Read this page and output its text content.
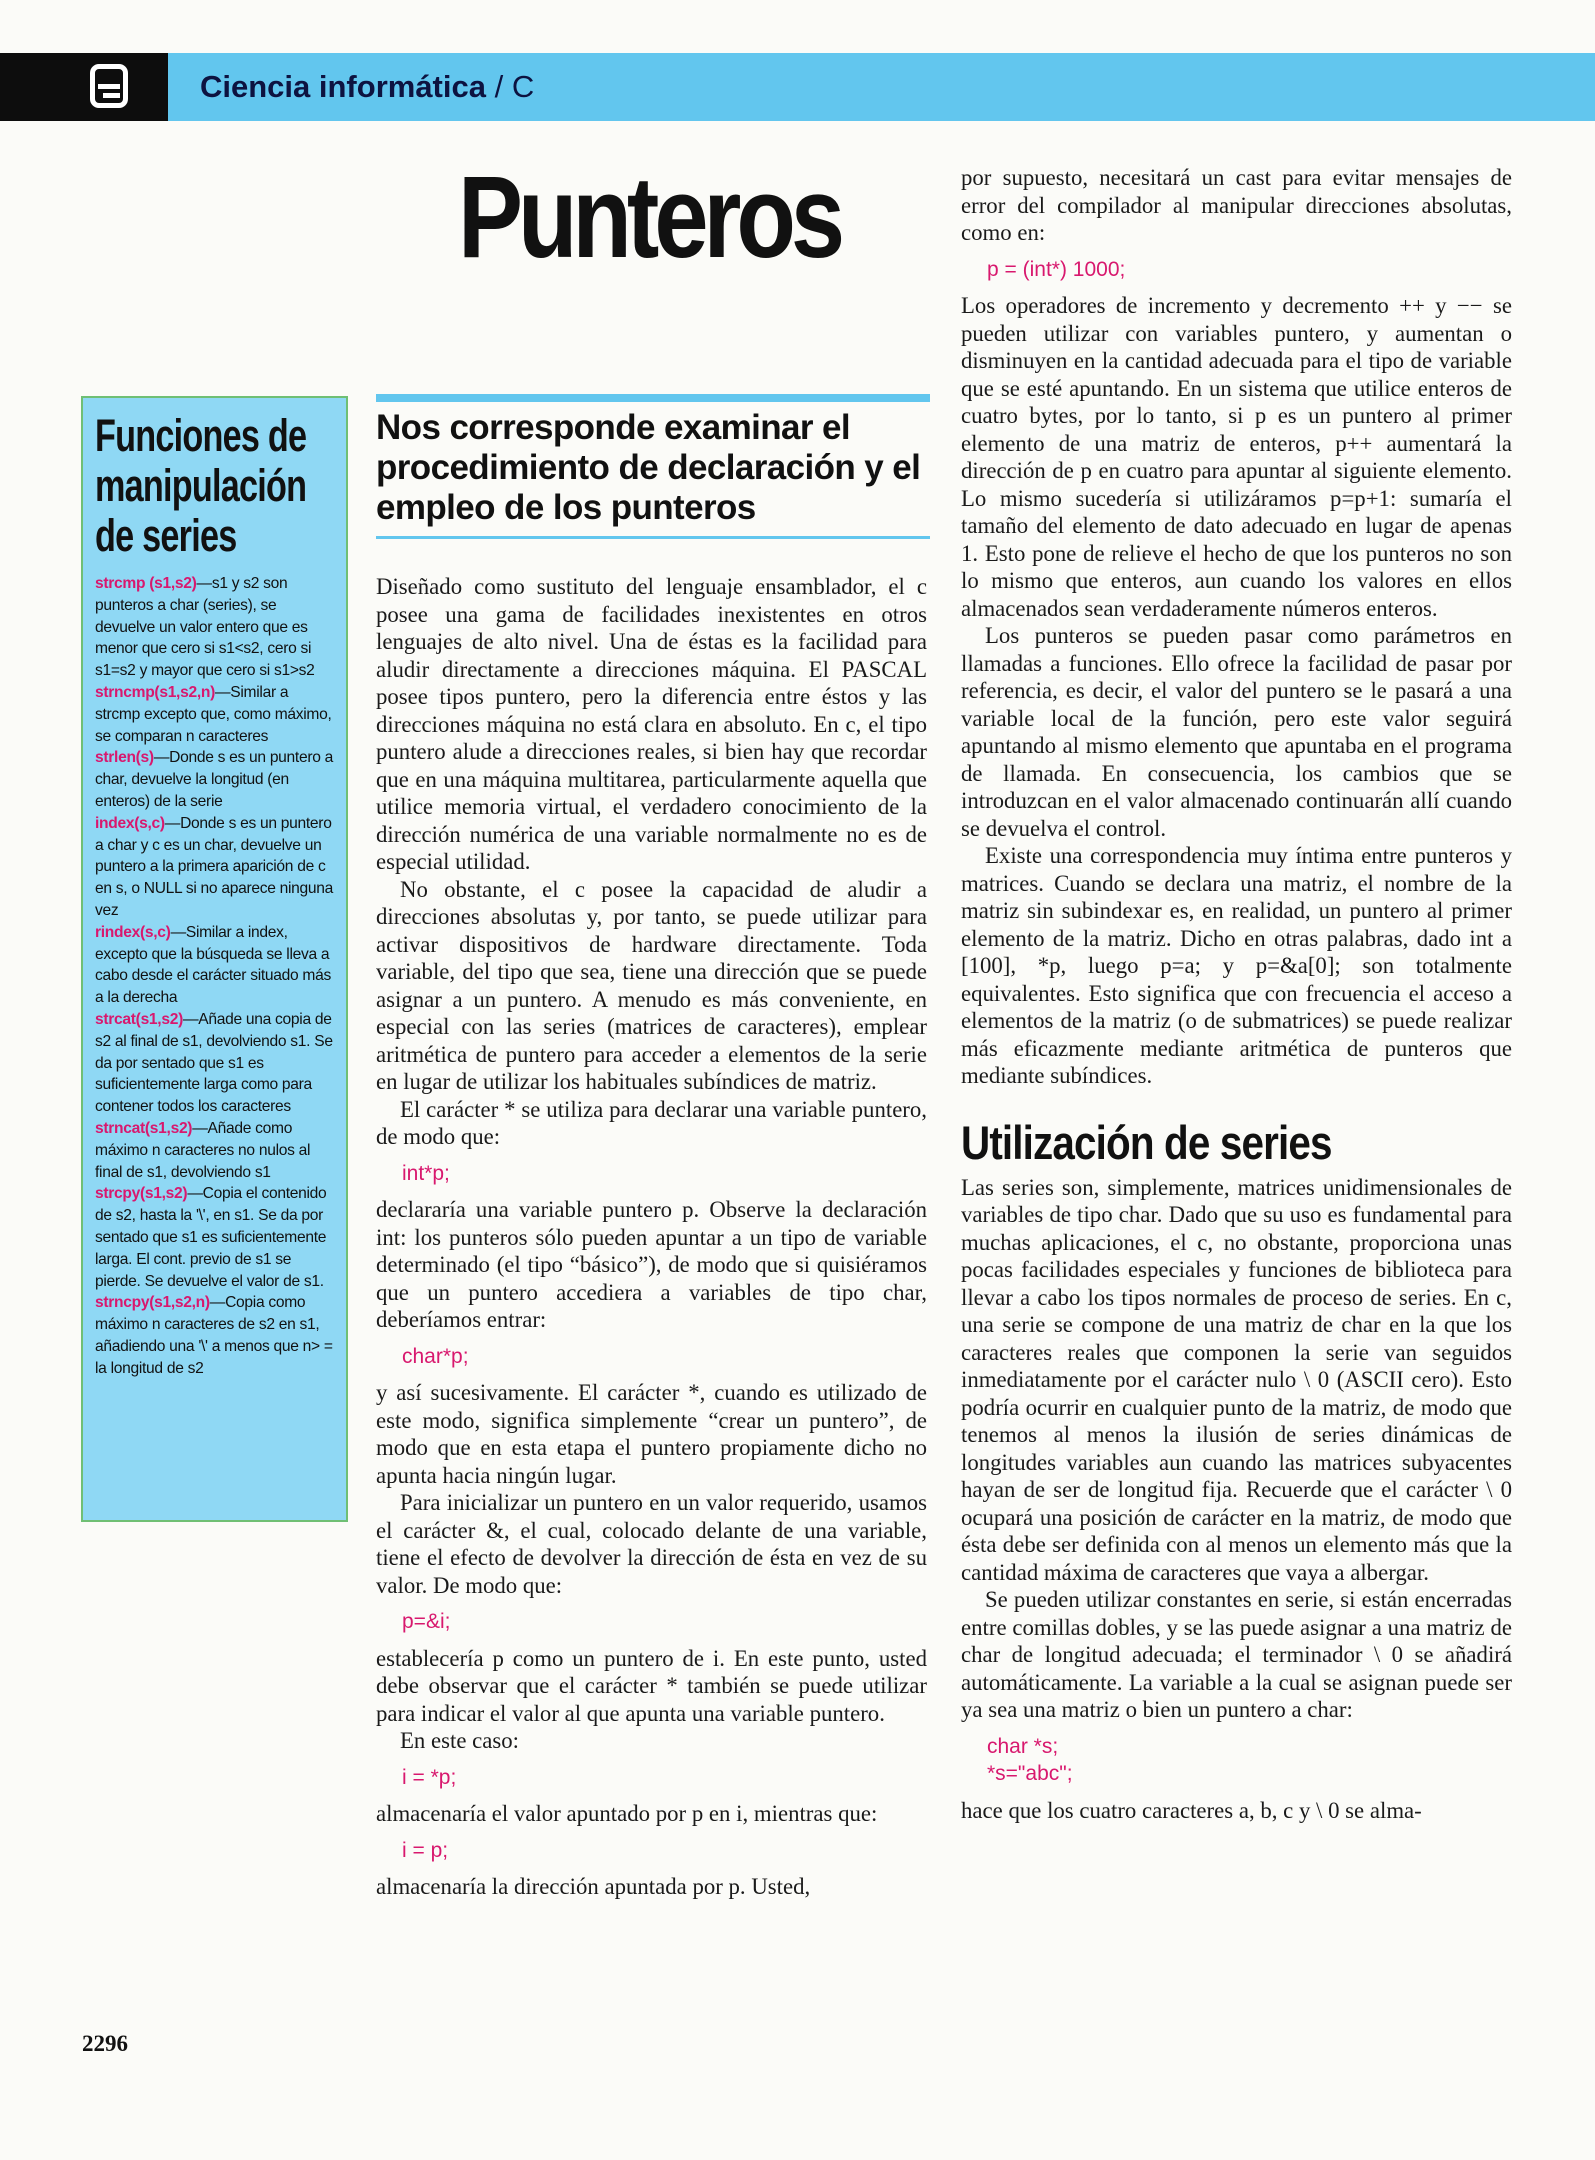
Ciencia informática / C
Punteros
Funciones de manipulación de series
strcmp (s1,s2)—s1 y s2 son punteros a char (series), se devuelve un valor entero que es menor que cero si s1<s2, cero si s1=s2 y mayor que cero si s1>s2
strncmp(s1,s2,n)—Similar a strcmp excepto que, como máximo, se comparan n caracteres
strlen(s)—Donde s es un puntero a char, devuelve la longitud (en enteros) de la serie
index(s,c)—Donde s es un puntero a char y c es un char, devuelve un puntero a la primera aparición de c en s, o NULL si no aparece ninguna vez
rindex(s,c)—Similar a index, excepto que la búsqueda se lleva a cabo desde el carácter situado más a la derecha
strcat(s1,s2)—Añade una copia de s2 al final de s1, devolviendo s1. Se da por sentado que s1 es suficientemente larga como para contener todos los caracteres
strncat(s1,s2)—Añade como máximo n caracteres no nulos al final de s1, devolviendo s1
strcpy(s1,s2)—Copia el contenido de s2, hasta la '\', en s1. Se da por sentado que s1 es suficientemente larga. El cont. previo de s1 se pierde. Se devuelve el valor de s1.
strncpy(s1,s2,n)—Copia como máximo n caracteres de s2 en s1, añadiendo una '\' a menos que n> = la longitud de s2
Nos corresponde examinar el procedimiento de declaración y el empleo de los punteros

Diseñado como sustituto del lenguaje ensamblador, el c posee una gama de facilidades inexistentes en otros lenguajes de alto nivel. Una de éstas es la facilidad para aludir directamente a direcciones máquina. El PASCAL posee tipos puntero, pero la diferencia entre éstos y las direcciones máquina no está clara en absoluto. En c, el tipo puntero alude a direcciones reales, si bien hay que recordar que en una máquina multitarea, particularmente aquella que utilice memoria virtual, el verdadero conocimiento de la dirección numérica de una variable normalmente no es de especial utilidad.

No obstante, el c posee la capacidad de aludir a direcciones absolutas y, por tanto, se puede utilizar para activar dispositivos de hardware directamente. Toda variable, del tipo que sea, tiene una dirección que se puede asignar a un puntero. A menudo es más conveniente, en especial con las series (matrices de caracteres), emplear aritmética de puntero para acceder a elementos de la serie en lugar de utilizar los habituales subíndices de matriz.

El carácter * se utiliza para declarar una variable puntero, de modo que:

int*p;

declararía una variable puntero p. Observe la declaración int: los punteros sólo pueden apuntar a un tipo de variable determinado (el tipo “básico”), de modo que si quisiéramos que un puntero accediera a variables de tipo char, deberíamos entrar:

char*p;

y así sucesivamente. El carácter *, cuando es utilizado de este modo, significa simplemente “crear un puntero”, de modo que en esta etapa el puntero propiamente dicho no apunta hacia ningún lugar.

Para inicializar un puntero en un valor requerido, usamos el carácter &, el cual, colocado delante de una variable, tiene el efecto de devolver la dirección de ésta en vez de su valor. De modo que:

p=&i;

establecería p como un puntero de i. En este punto, usted debe observar que el carácter * también se puede utilizar para indicar el valor al que apunta una variable puntero.

En este caso:

i = *p;

almacenaría el valor apuntado por p en i, mientras que:

i = p;

almacenaría la dirección apuntada por p. Usted,

por supuesto, necesitará un cast para evitar mensajes de error del compilador al manipular direcciones absolutas, como en:

p = (int*) 1000;

Los operadores de incremento y decremento ++ y −− se pueden utilizar con variables puntero, y aumentan o disminuyen en la cantidad adecuada para el tipo de variable que se esté apuntando. En un sistema que utilice enteros de cuatro bytes, por lo tanto, si p es un puntero al primer elemento de una matriz de enteros, p++ aumentará la dirección de p en cuatro para apuntar al siguiente elemento. Lo mismo sucedería si utilizáramos p=p+1: sumaría el tamaño del elemento de dato adecuado en lugar de apenas 1. Esto pone de relieve el hecho de que los punteros no son lo mismo que enteros, aun cuando los valores en ellos almacenados sean verdaderamente números enteros.

Los punteros se pueden pasar como parámetros en llamadas a funciones. Ello ofrece la facilidad de pasar por referencia, es decir, el valor del puntero se le pasará a una variable local de la función, pero este valor seguirá apuntando al mismo elemento que apuntaba en el programa de llamada. En consecuencia, los cambios que se introduzcan en el valor almacenado continuarán allí cuando se devuelva el control.

Existe una correspondencia muy íntima entre punteros y matrices. Cuando se declara una matriz, el nombre de la matriz sin subindexar es, en realidad, un puntero al primer elemento de la matriz. Dicho en otras palabras, dado int a [100], *p, luego p=a; y p=&a[0]; son totalmente equivalentes. Esto significa que con frecuencia el acceso a elementos de la matriz (o de submatrices) se puede realizar más eficazmente mediante aritmética de punteros que mediante subíndices.

Utilización de series

Las series son, simplemente, matrices unidimensionales de variables de tipo char. Dado que su uso es fundamental para muchas aplicaciones, el c, no obstante, proporciona unas pocas facilidades especiales y funciones de biblioteca para llevar a cabo los tipos normales de proceso de series. En c, una serie se compone de una matriz de char en la que los caracteres reales que componen la serie van seguidos inmediatamente por el carácter nulo \ 0 (ASCII cero). Esto podría ocurrir en cualquier punto de la matriz, de modo que tenemos al menos la ilusión de series dinámicas de longitudes variables aun cuando las matrices subyacentes hayan de ser de longitud fija. Recuerde que el carácter \ 0 ocupará una posición de carácter en la matriz, de modo que ésta debe ser definida con al menos un elemento más que la cantidad máxima de caracteres que vaya a albergar.

Se pueden utilizar constantes en serie, si están encerradas entre comillas dobles, y se las puede asignar a una matriz de char de longitud adecuada; el terminador \ 0 se añadirá automáticamente. La variable a la cual se asignan puede ser ya sea una matriz o bien un puntero a char:

char *s;
*s="abc";

hace que los cuatro caracteres a, b, c y \ 0 se alma-

2296
